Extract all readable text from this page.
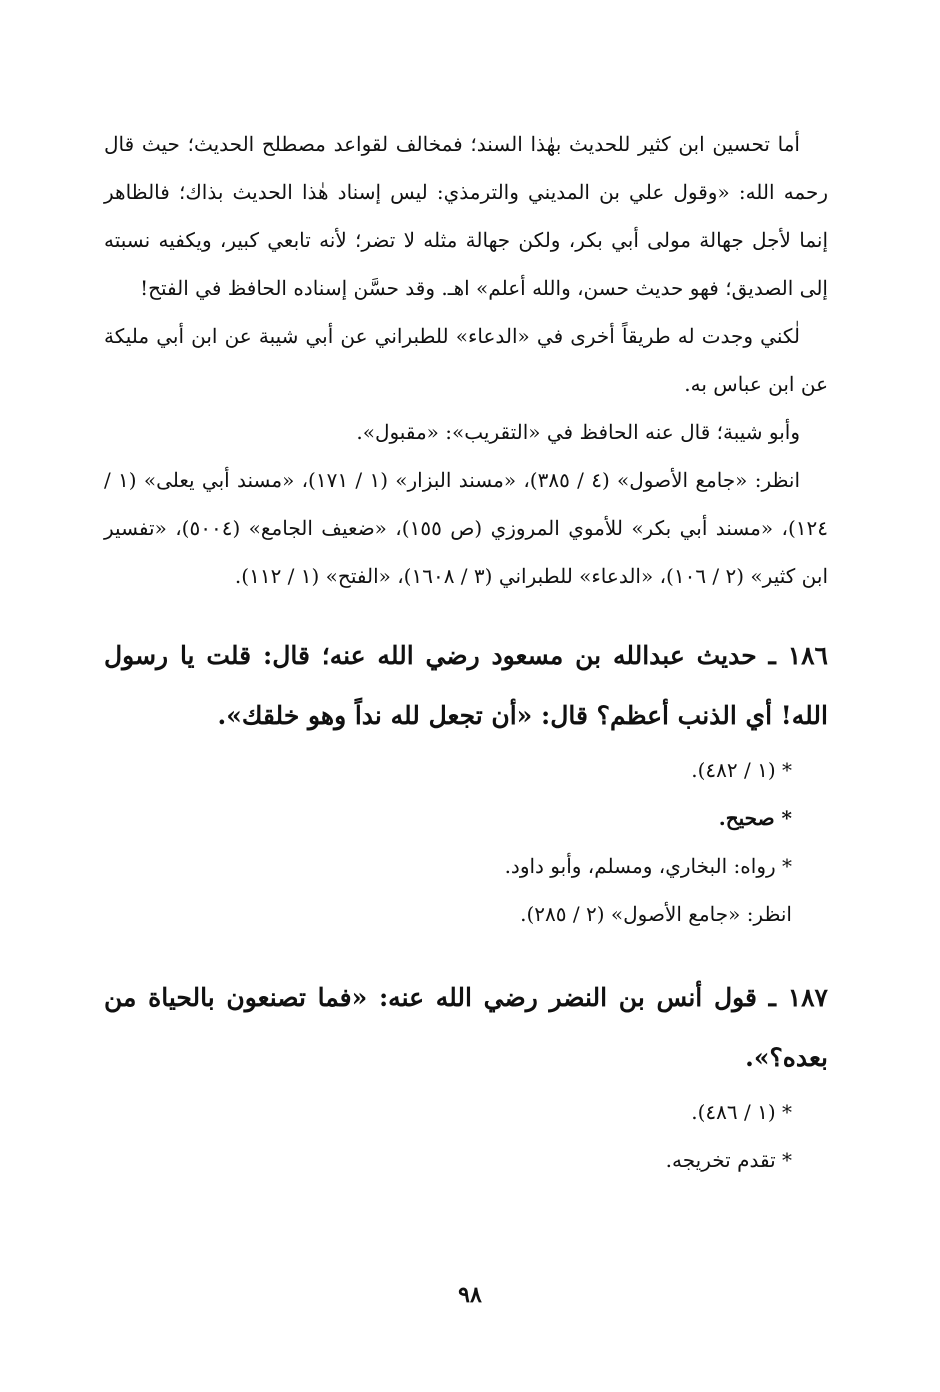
أما تحسين ابن كثير للحديث بهٰذا السند؛ فمخالف لقواعد مصطلح الحديث؛ حيث قال رحمه الله: «وقول علي بن المديني والترمذي: ليس إسناد هٰذا الحديث بذاك؛ فالظاهر إنما لأجل جهالة مولى أبي بكر، ولكن جهالة مثله لا تضر؛ لأنه تابعي كبير، ويكفيه نسبته إلى الصديق؛ فهو حديث حسن، والله أعلم» اهـ. وقد حسَّن إسناده الحافظ في الفتح!

لٰكني وجدت له طريقاً أخرى في «الدعاء» للطبراني عن أبي شيبة عن ابن أبي مليكة عن ابن عباس به.

وأبو شيبة؛ قال عنه الحافظ في «التقريب»: «مقبول».

انظر: «جامع الأصول» (٤ / ٣٨٥)، «مسند البزار» (١ / ١٧١)، «مسند أبي يعلى» (١ / ١٢٤)، «مسند أبي بكر» للأموي المروزي (ص ١٥٥)، «ضعيف الجامع» (٥٠٠٤)، «تفسير ابن كثير» (٢ / ١٠٦)، «الدعاء» للطبراني (٣ / ١٦٠٨)، «الفتح» (١ / ١١٢).

١٨٦ ـ حديث عبدالله بن مسعود رضي الله عنه؛ قال: قلت يا رسول الله! أي الذنب أعظم؟ قال: «أن تجعل لله نداً وهو خلقك».

* (١ / ٤٨٢).
* صحيح.
* رواه: البخاري، ومسلم، وأبو داود.
انظر: «جامع الأصول» (٢ / ٢٨٥).

١٨٧ ـ قول أنس بن النضر رضي الله عنه: «فما تصنعون بالحياة من بعده؟».

* (١ / ٤٨٦).
* تقدم تخريجه.
٩٨
